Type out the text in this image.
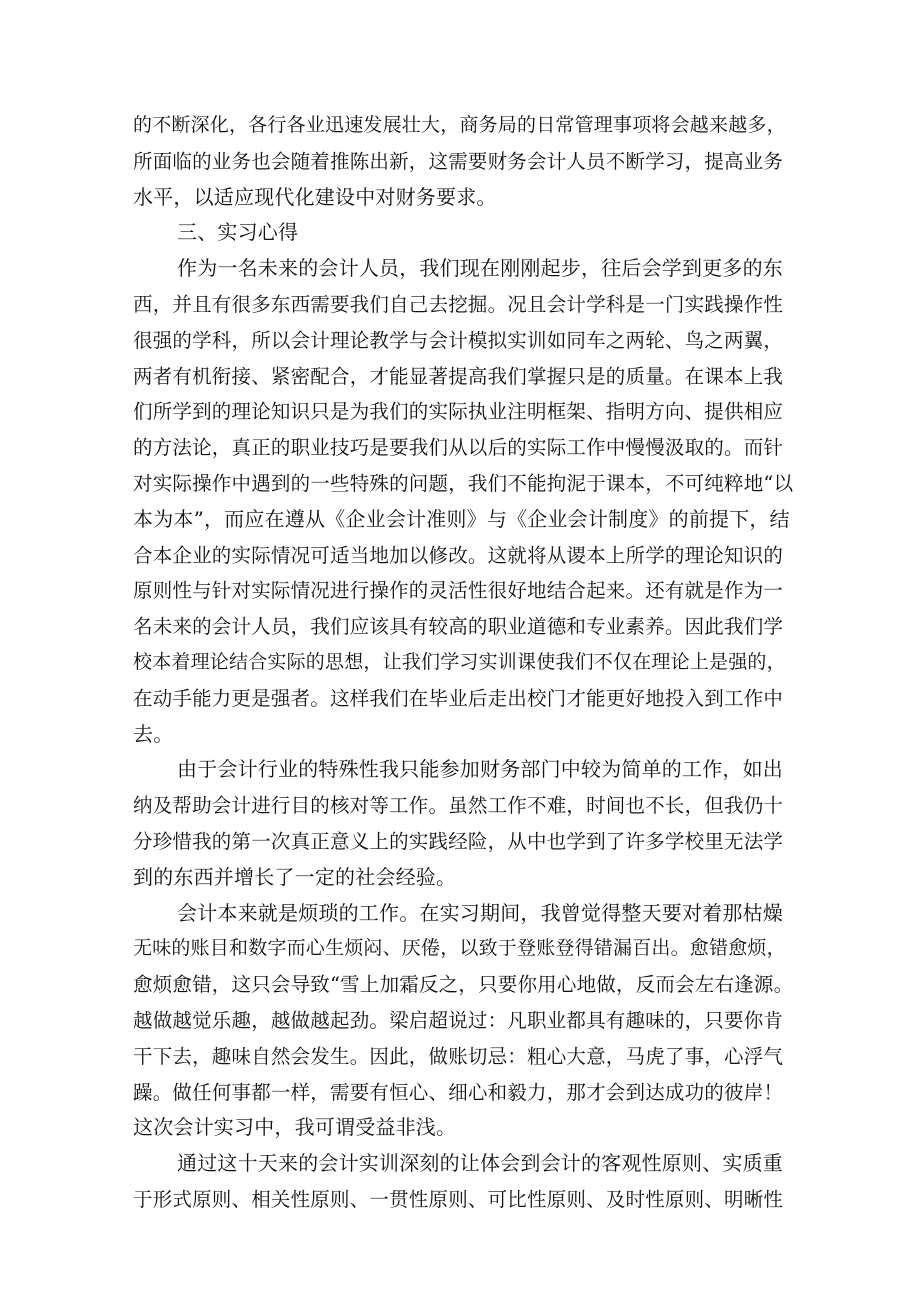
的不断深化，各行各业迅速发展壮大，商务局的日常管理事项将会越来越多，
所面临的业务也会随着推陈出新，这需要财务会计人员不断学习，提高业务
水平，以适应现代化建设中对财务要求。
三、实习心得
作为一名未来的会计人员，我们现在刚刚起步，往后会学到更多的东
西，并且有很多东西需要我们自己去挖掘。况且会计学科是一门实践操作性
很强的学科，所以会计理论教学与会计模拟实训如同车之两轮、鸟之两翼，
两者有机衔接、紧密配合，才能显著提高我们掌握只是的质量。在课本上我
们所学到的理论知识只是为我们的实际执业注明框架、指明方向、提供相应
的方法论，真正的职业技巧是要我们从以后的实际工作中慢慢汲取的。而针
对实际操作中遇到的一些特殊的问题，我们不能拘泥于课本，不可纯粹地“以
本为本”，而应在遵从《企业会计准则》与《企业会计制度》的前提下，结
合本企业的实际情况可适当地加以修改。这就将从谡本上所学的理论知识的
原则性与针对实际情况进行操作的灵活性很好地结合起来。还有就是作为一
名未来的会计人员，我们应该具有较高的职业道德和专业素养。因此我们学
校本着理论结合实际的思想，让我们学习实训课使我们不仅在理论上是强的，
在动手能力更是强者。这样我们在毕业后走出校门才能更好地投入到工作中
去。
由于会计行业的特殊性我只能参加财务部门中较为简单的工作，如出
纳及帮助会计进行目的核对等工作。虽然工作不难，时间也不长，但我仍十
分珍惜我的第一次真正意义上的实践经险，从中也学到了许多学校里无法学
到的东西并增长了一定的社会经验。
会计本来就是烦琐的工作。在实习期间，我曾觉得整天要对着那枯燥
无味的账目和数字而心生烦闷、厌倦，以致于登账登得错漏百出。愈错愈烦，
愈烦愈错，这只会导致“雪上加霜反之，只要你用心地做，反而会左右逢源。
越做越觉乐趣，越做越起劲。梁启超说过：凡职业都具有趣味的，只要你肯
干下去，趣味自然会发生。因此，做账切忌：粗心大意，马虎了事，心浮气
躁。做任何事都一样，需要有恒心、细心和毅力，那才会到达成功的彼岸！
这次会计实习中，我可谓受益非浅。
通过这十天来的会计实训深刻的让体会到会计的客观性原则、实质重
于形式原则、相关性原则、一贯性原则、可比性原则、及时性原则、明晰性
